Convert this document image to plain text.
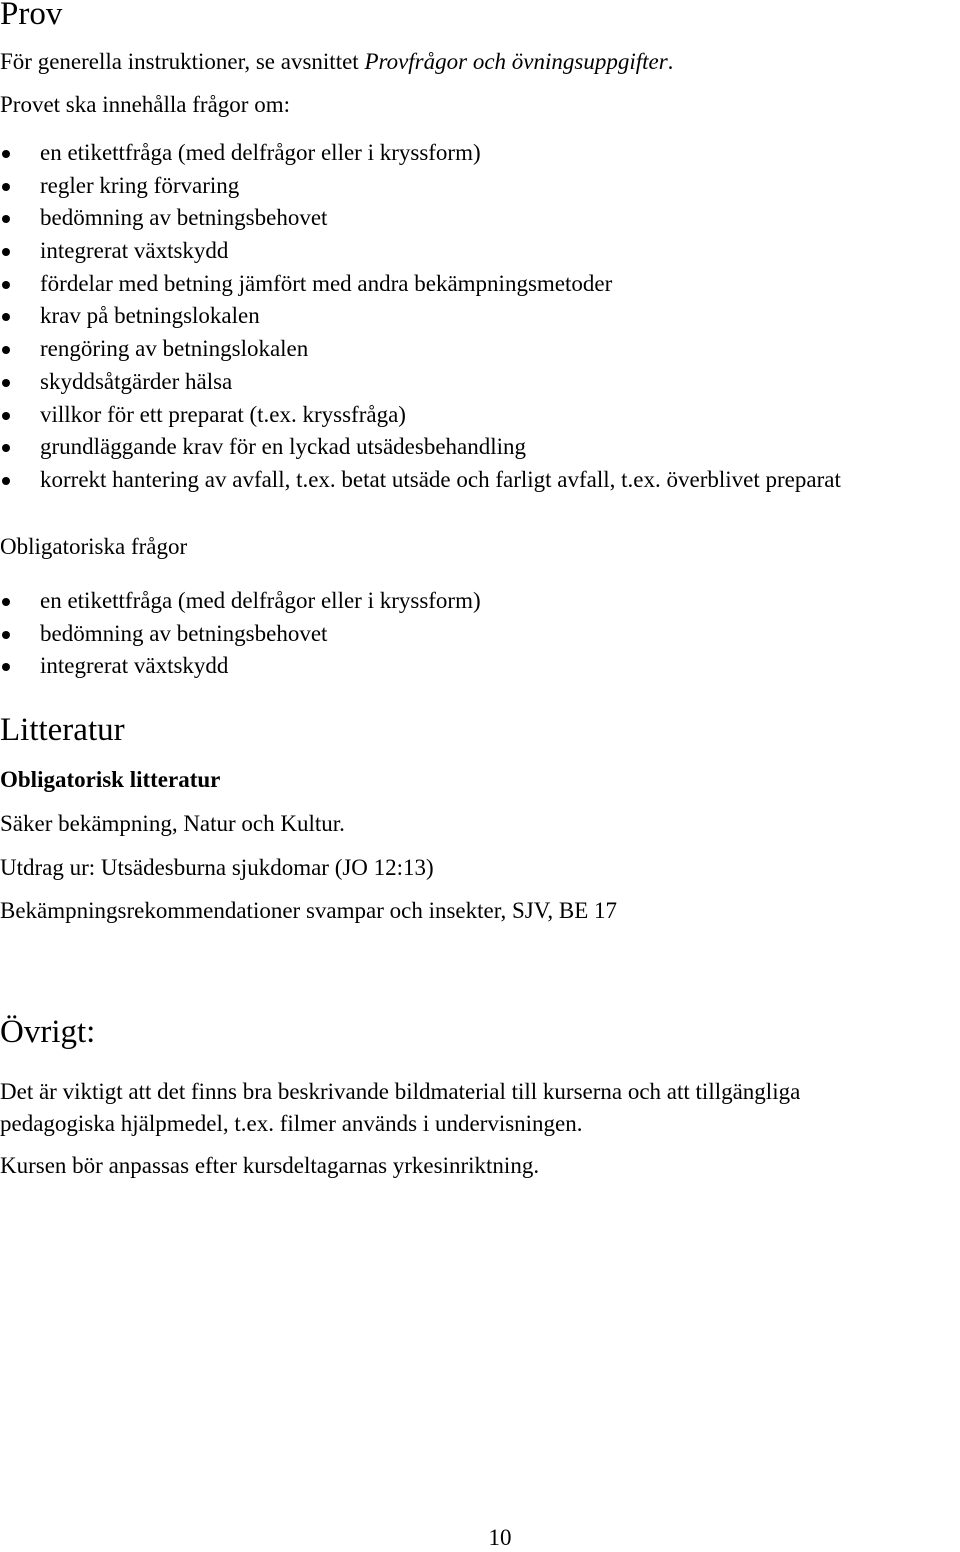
Prov

För generella instruktioner, se avsnittet Provfrågor och övningsuppgifter.

Provet ska innehålla frågor om:

en etikettfråga (med delfrågor eller i kryssform)
regler kring förvaring
bedömning av betningsbehovet
integrerat växtskydd
fördelar med betning jämfört med andra bekämpningsmetoder
krav på betningslokalen
rengöring av betningslokalen
skyddsåtgärder hälsa
villkor för ett preparat (t.ex. kryssfråga)
grundläggande krav för en lyckad utsädesbehandling
korrekt hantering av avfall, t.ex. betat utsäde och farligt avfall, t.ex. överblivet preparat

Obligatoriska frågor

en etikettfråga (med delfrågor eller i kryssform)
bedömning av betningsbehovet
integrerat växtskydd
Litteratur

Obligatorisk litteratur

Säker bekämpning, Natur och Kultur.

Utdrag ur: Utsädesburna sjukdomar (JO 12:13)

Bekämpningsrekommendationer svampar och insekter, SJV, BE 17

Övrigt:

Det är viktigt att det finns bra beskrivande bildmaterial till kurserna och att tillgängliga

pedagogiska hjälpmedel, t.ex. filmer används i undervisningen.

Kursen bör anpassas efter kursdeltagarnas yrkesinriktning.

10
